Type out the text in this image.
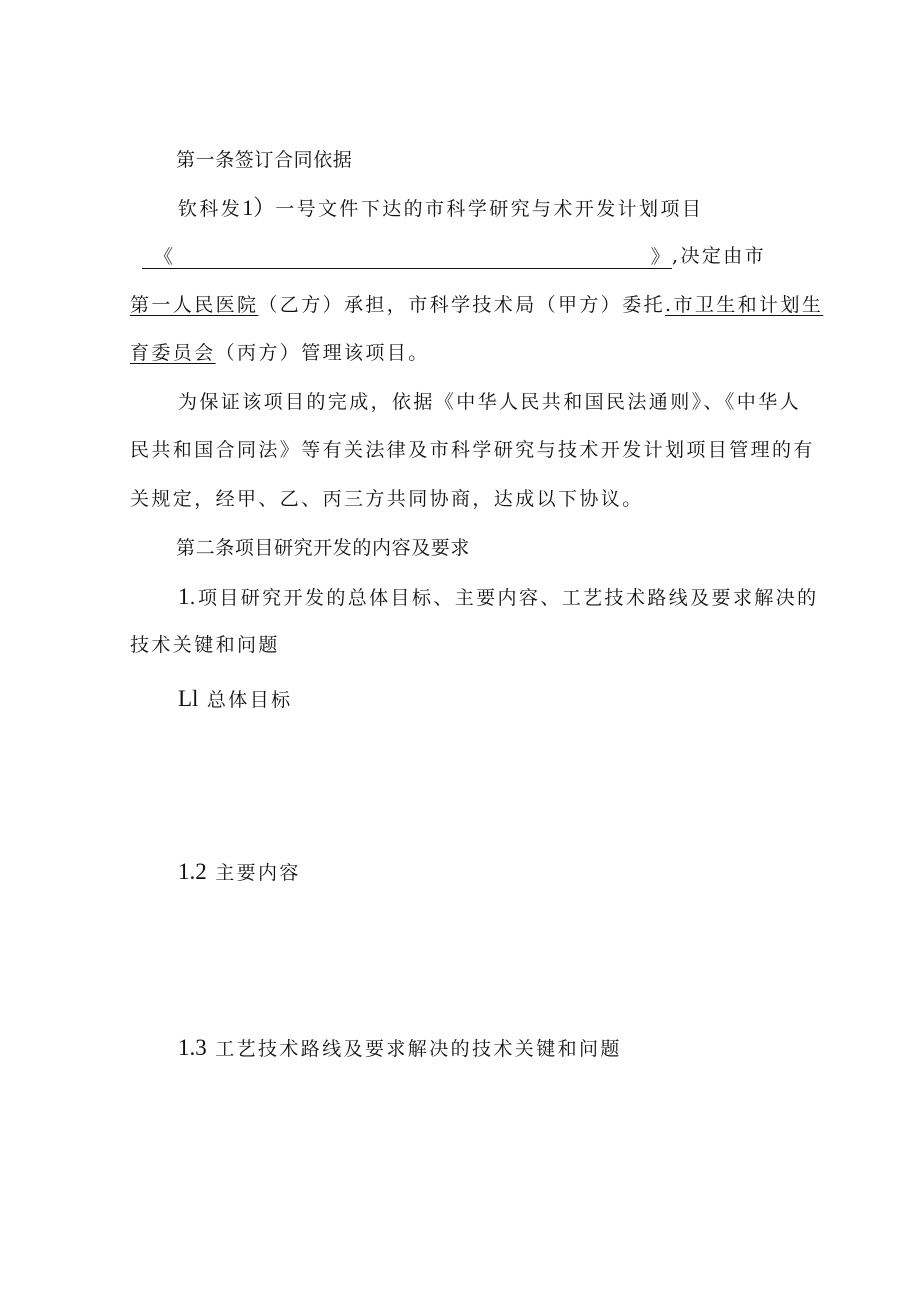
第一条签订合同依据
钦科发1）一号文件下达的市科学研究与术开发计划项目
《	》 ,决定由市
第一人民医院（乙方）承担，市科学技术局（甲方）委托.市卫生和计划生
育委员会（丙方）管理该项目。
为保证该项目的完成，依据《中华人民共和国民法通则》、《中华人
民共和国合同法》等有关法律及市科学研究与技术开发计划项目管理的有
关规定，经甲、乙、丙三方共同协商，达成以下协议。
第二条项目研究开发的内容及要求
1.项目研究开发的总体目标、主要内容、工艺技术路线及要求解决的
技术关键和问题
Ll 总体目标
1.2 主要内容
1.3 工艺技术路线及要求解决的技术关键和问题
